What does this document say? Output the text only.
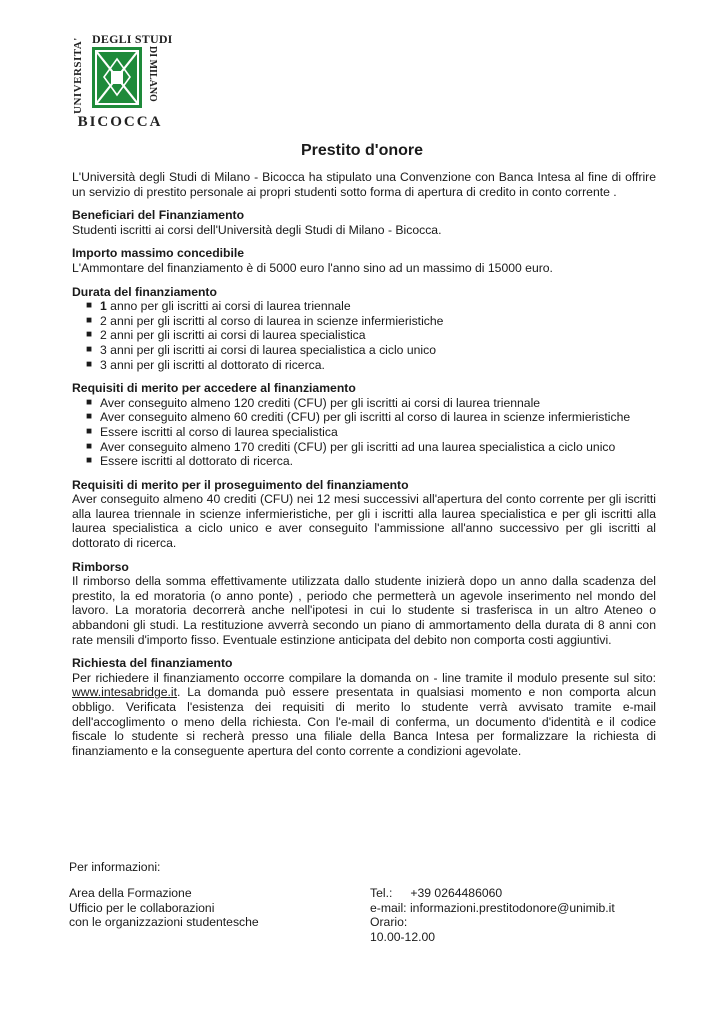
DEGLI STUDI
UNIVERSITA'	DI MILANO
BICOCCA
Prestito d'onore

L'Università degli Studi di Milano - Bicocca ha stipulato una Convenzione con Banca Intesa al fine di offrire un servizio di prestito personale ai propri studenti sotto forma di apertura di credito in conto corrente .

Beneficiari del Finanziamento

Studenti iscritti ai corsi dell'Università degli Studi di Milano - Bicocca.

Importo massimo concedibile

L'Ammontare del finanziamento è di 5000 euro l'anno sino ad un massimo di 15000 euro.

Durata del finanziamento
■ 1 anno per gli iscritti ai corsi di laurea triennale
■ 2 anni per gli iscritti al corso di laurea in scienze infermieristiche
■ 2 anni per gli iscritti ai corsi di laurea specialistica
■ 3 anni per gli iscritti ai corsi di laurea specialistica a ciclo unico
■ 3 anni per gli iscritti al dottorato di ricerca.
Requisiti di merito per accedere al finanziamento
■ Aver conseguito almeno 120 crediti (CFU) per gli iscritti ai corsi di laurea triennale
■ Aver conseguito almeno 60 crediti (CFU) per gli iscritti al corso di laurea in scienze infermieristiche
■ Essere iscritti al corso di laurea specialistica
■ Aver conseguito almeno 170 crediti (CFU) per gli iscritti ad una laurea specialistica a ciclo unico
■ Essere iscritti al dottorato di ricerca.
Requisiti di merito per il proseguimento del finanziamento

Aver conseguito almeno 40 crediti (CFU) nei 12 mesi successivi all'apertura del conto corrente per gli iscritti alla laurea triennale in scienze infermieristiche, per gli i iscritti alla laurea specialistica e per gli iscritti alla laurea specialistica a ciclo unico e aver conseguito l'ammissione all'anno successivo per gli iscritti al dottorato di ricerca.

Rimborso

Il rimborso della somma effettivamente utilizzata dallo studente inizierà dopo un anno dalla scadenza del prestito, la ed moratoria (o anno ponte) , periodo che permetterà un agevole inserimento nel mondo del lavoro. La moratoria decorrerà anche nell'ipotesi in cui lo studente si trasferisca in un altro Ateneo o abbandoni gli studi. La restituzione avverrà secondo un piano di ammortamento della durata di 8 anni con rate mensili d'importo fisso. Eventuale estinzione anticipata del debito non comporta costi aggiuntivi.

Richiesta del finanziamento

Per richiedere il finanziamento occorre compilare la domanda on - line tramite il modulo presente sul sito: www.intesabridge.it. La domanda può essere presentata in qualsiasi momento e non comporta alcun obbligo. Verificata l'esistenza dei requisiti di merito lo studente verrà avvisato tramite e-mail dell'accoglimento o meno della richiesta. Con l'e-mail di conferma, un documento d'identità e il codice fiscale lo studente si recherà presso una filiale della Banca Intesa per formalizzare la richiesta di finanziamento e la conseguente apertura del conto corrente a condizioni agevolate.

Per informazioni:

Area della Formazione
Ufficio per le collaborazioni
con le organizzazioni studentesche
Tel.: +39 0264486060
e-mail: informazioni.prestitodonore@unimib.it
Orario:
10.00-12.00
